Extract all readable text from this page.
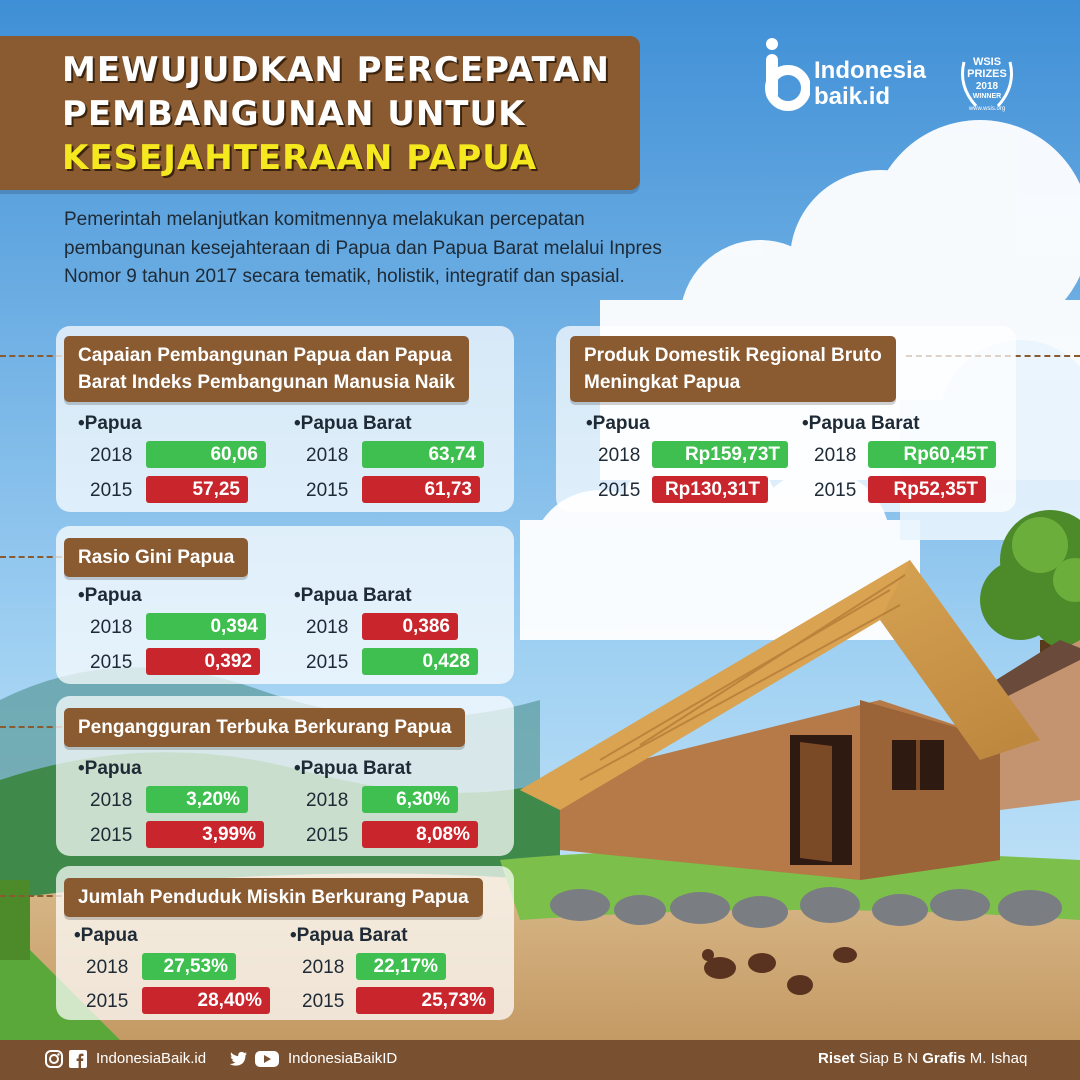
MEWUJUDKAN PERCEPATAN
PEMBANGUNAN UNTUK
KESEJAHTERAAN PAPUA
Indonesia
baik.id
WSIS
PRIZES
2018
WINNER
www.wsis.org
Pemerintah melanjutkan komitmennya melakukan percepatan pembangunan kesejahteraan di Papua dan Papua Barat melalui Inpres Nomor 9 tahun 2017 secara tematik, holistik, integratif dan spasial.
Capaian Pembangunan Papua dan Papua
Barat Indeks Pembangunan Manusia Naik
•Papua
2018	60,06
2015	57,25
•Papua Barat
2018	63,74
2015	61,73
Produk Domestik Regional Bruto
Meningkat Papua
•Papua
2018	Rp159,73T
2015	Rp130,31T
•Papua Barat
2018	Rp60,45T
2015	Rp52,35T
Rasio Gini Papua
•Papua
2018	0,394
2015	0,392
•Papua Barat
2018	0,386
2015	0,428
Pengangguran Terbuka Berkurang Papua
•Papua
2018	3,20%
2015	3,99%
•Papua Barat
2018	6,30%
2015	8,08%
Jumlah Penduduk Miskin Berkurang Papua
•Papua
2018	27,53%
2015	28,40%
•Papua Barat
2018	22,17%
2015	25,73%
IndonesiaBaik.id	IndonesiaBaikID	Riset Siap B N Grafis M. Ishaq
